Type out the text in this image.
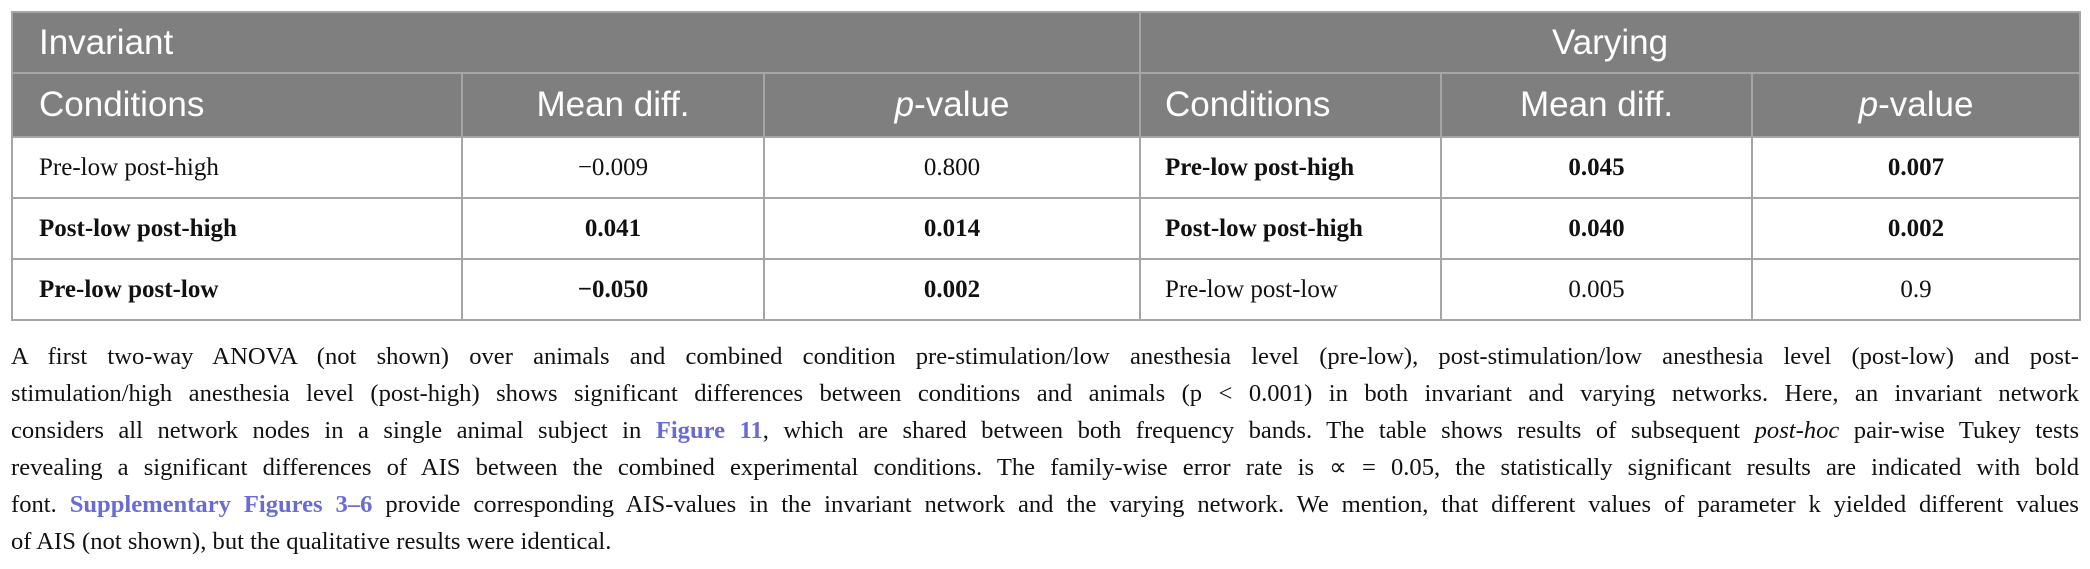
Invariant			Varying		
Conditions	Mean diff.	p-value	Conditions	Mean diff.	p-value
Pre-low post-high	−0.009	0.800	Pre-low post-high	0.045	0.007
Post-low post-high	0.041	0.014	Post-low post-high	0.040	0.002
Pre-low post-low	−0.050	0.002	Pre-low post-low	0.005	0.9
A first two-way ANOVA (not shown) over animals and combined condition pre-stimulation/low anesthesia level (pre-low), post-stimulation/low anesthesia level (post-low) and post-
stimulation/high anesthesia level (post-high) shows significant differences between conditions and animals (p < 0.001) in both invariant and varying networks. Here, an invariant network
considers all network nodes in a single animal subject in Figure 11, which are shared between both frequency bands. The table shows results of subsequent post-hoc pair-wise Tukey tests
revealing a significant differences of AIS between the combined experimental conditions. The family-wise error rate is ∝ = 0.05, the statistically significant results are indicated with bold
font. Supplementary Figures 3–6 provide corresponding AIS-values in the invariant network and the varying network. We mention, that different values of parameter k yielded different values
of AIS (not shown), but the qualitative results were identical.
